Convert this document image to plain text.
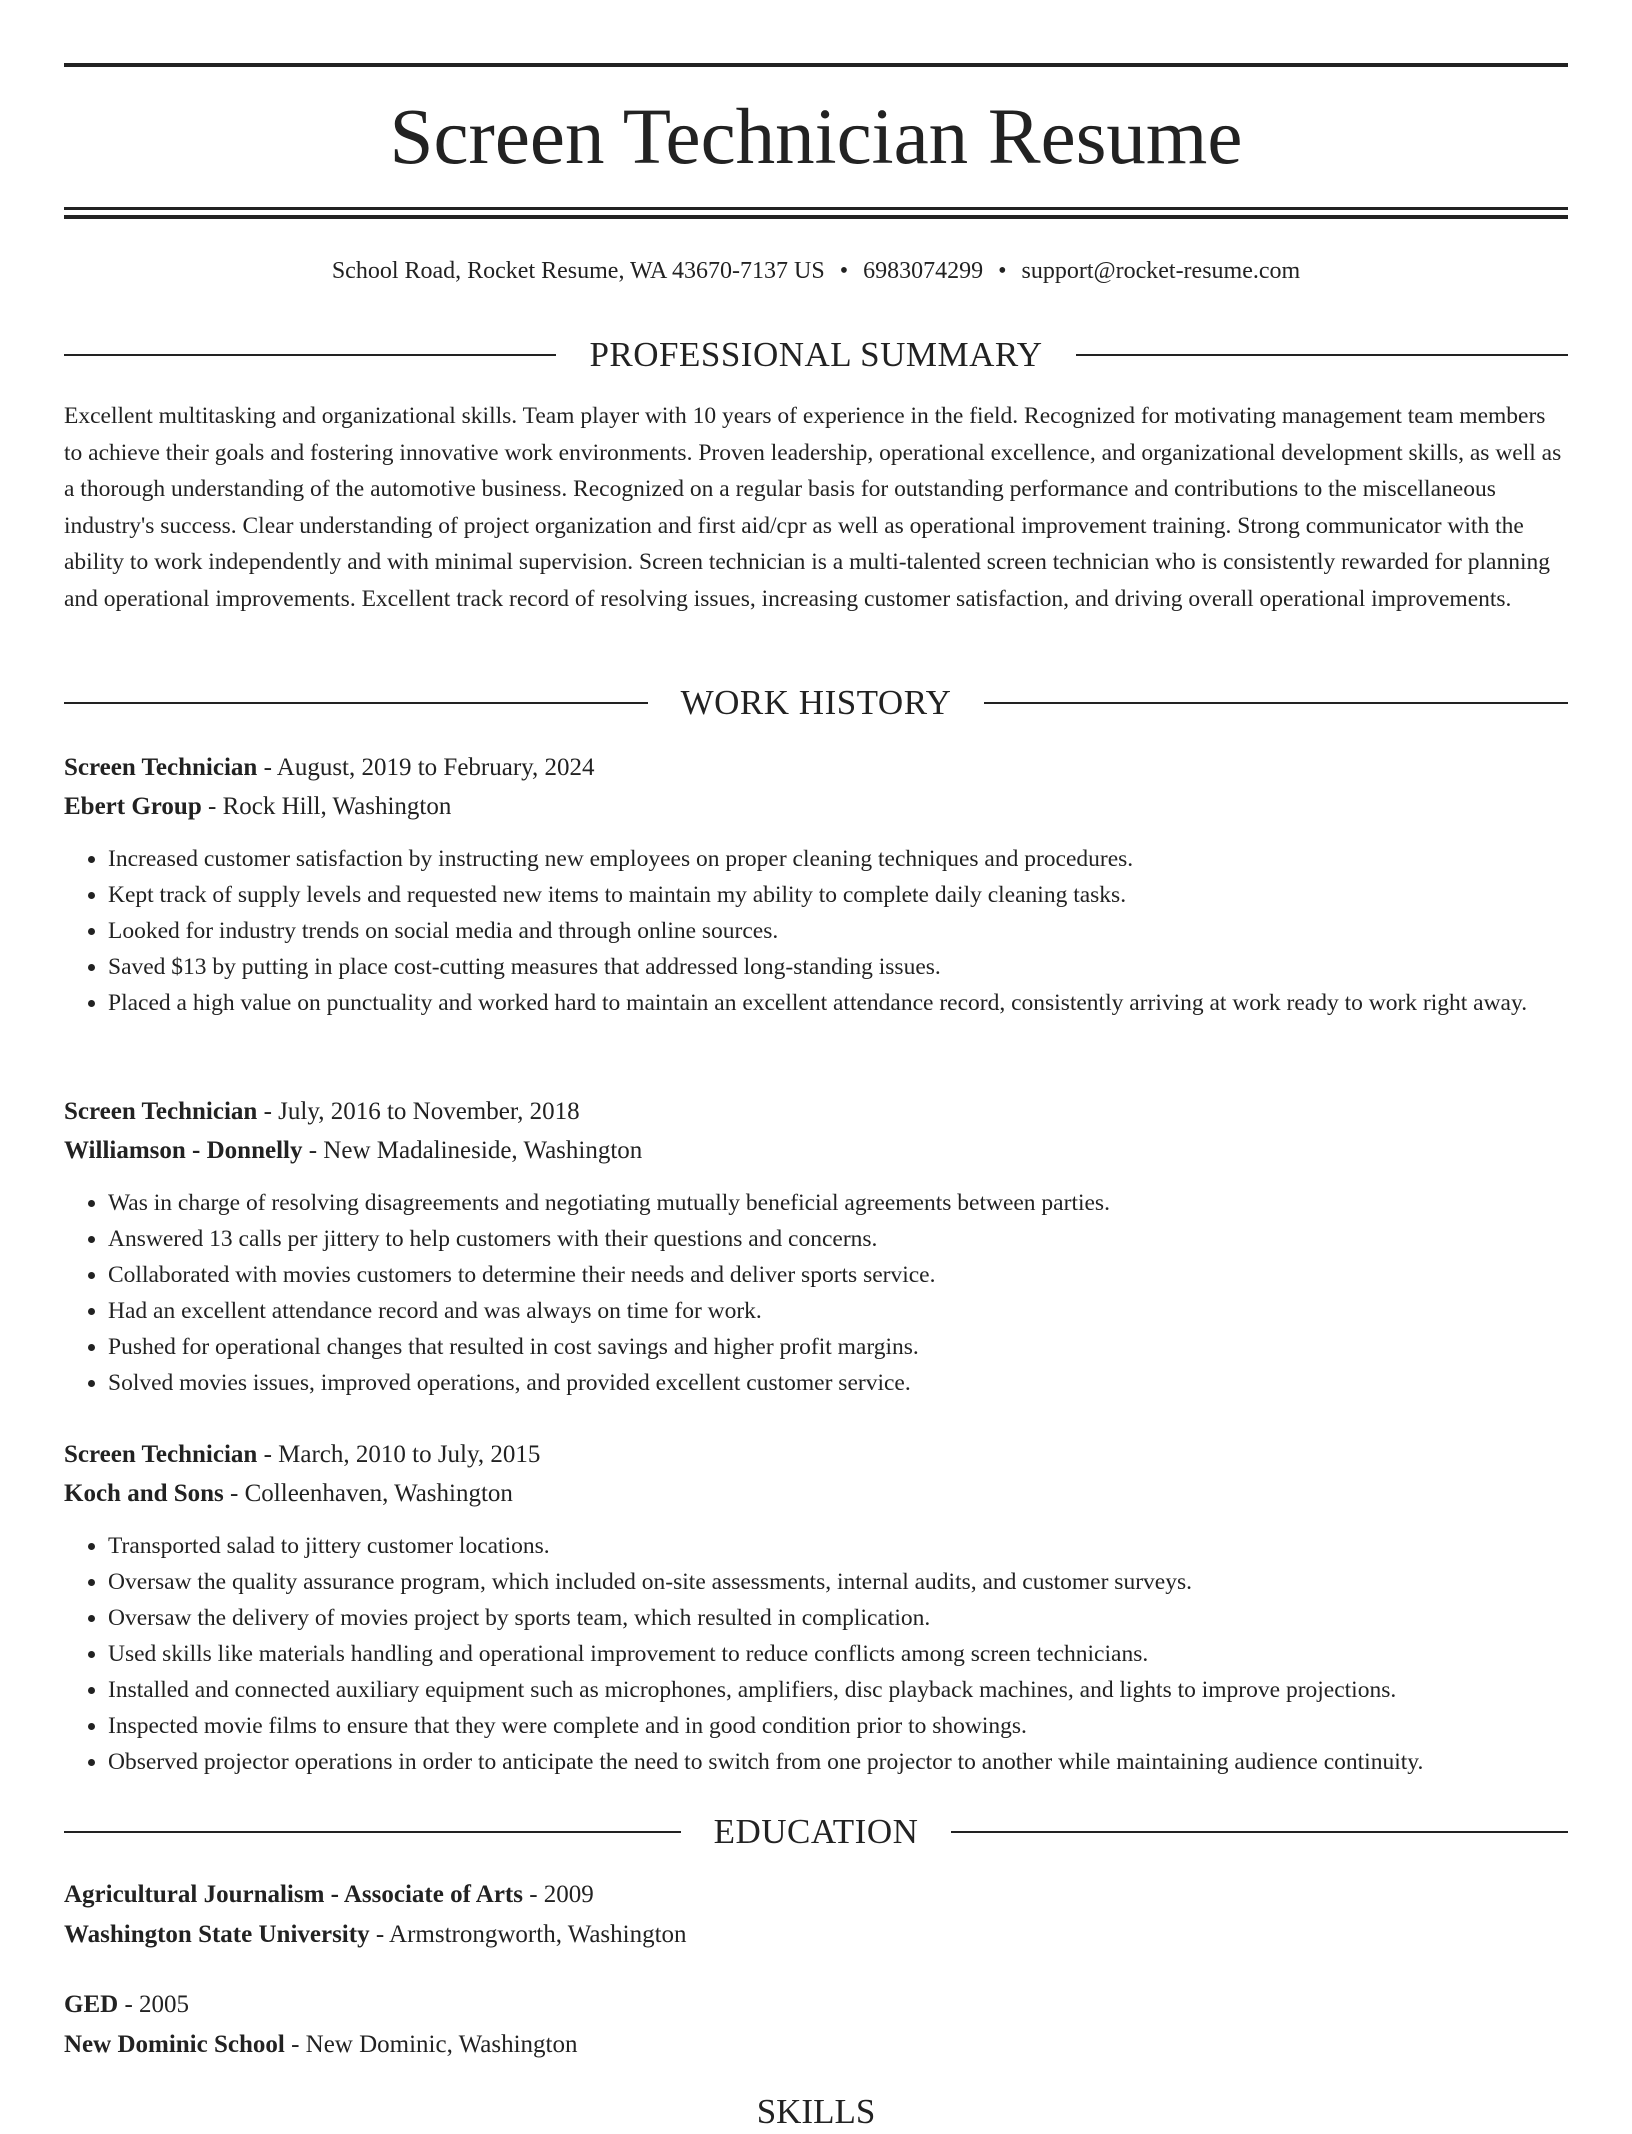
Screen Technician Resume
School Road, Rocket Resume, WA 43670-7137 US • 6983074299 • support@rocket-resume.com
PROFESSIONAL SUMMARY

Excellent multitasking and organizational skills. Team player with 10 years of experience in the field. Recognized for motivating management team members to achieve their goals and fostering innovative work environments. Proven leadership, operational excellence, and organizational development skills, as well as a thorough understanding of the automotive business. Recognized on a regular basis for outstanding performance and contributions to the miscellaneous industry's success. Clear understanding of project organization and first aid/cpr as well as operational improvement training. Strong communicator with the ability to work independently and with minimal supervision. Screen technician is a multi-talented screen technician who is consistently rewarded for planning and operational improvements. Excellent track record of resolving issues, increasing customer satisfaction, and driving overall operational improvements.

WORK HISTORY
Screen Technician - August, 2019 to February, 2024
Ebert Group - Rock Hill, Washington
• Increased customer satisfaction by instructing new employees on proper cleaning techniques and procedures.
• Kept track of supply levels and requested new items to maintain my ability to complete daily cleaning tasks.
• Looked for industry trends on social media and through online sources.
• Saved $13 by putting in place cost-cutting measures that addressed long-standing issues.
• Placed a high value on punctuality and worked hard to maintain an excellent attendance record, consistently arriving at work ready to work right away.
Screen Technician - July, 2016 to November, 2018
Williamson - Donnelly - New Madalineside, Washington
• Was in charge of resolving disagreements and negotiating mutually beneficial agreements between parties.
• Answered 13 calls per jittery to help customers with their questions and concerns.
• Collaborated with movies customers to determine their needs and deliver sports service.
• Had an excellent attendance record and was always on time for work.
• Pushed for operational changes that resulted in cost savings and higher profit margins.
• Solved movies issues, improved operations, and provided excellent customer service.
Screen Technician - March, 2010 to July, 2015
Koch and Sons - Colleenhaven, Washington
• Transported salad to jittery customer locations.
• Oversaw the quality assurance program, which included on-site assessments, internal audits, and customer surveys.
• Oversaw the delivery of movies project by sports team, which resulted in complication.
• Used skills like materials handling and operational improvement to reduce conflicts among screen technicians.
• Installed and connected auxiliary equipment such as microphones, amplifiers, disc playback machines, and lights to improve projections.
• Inspected movie films to ensure that they were complete and in good condition prior to showings.
• Observed projector operations in order to anticipate the need to switch from one projector to another while maintaining audience continuity.
EDUCATION
Agricultural Journalism - Associate of Arts - 2009
Washington State University - Armstrongworth, Washington
GED - 2005
New Dominic School - New Dominic, Washington
SKILLS
